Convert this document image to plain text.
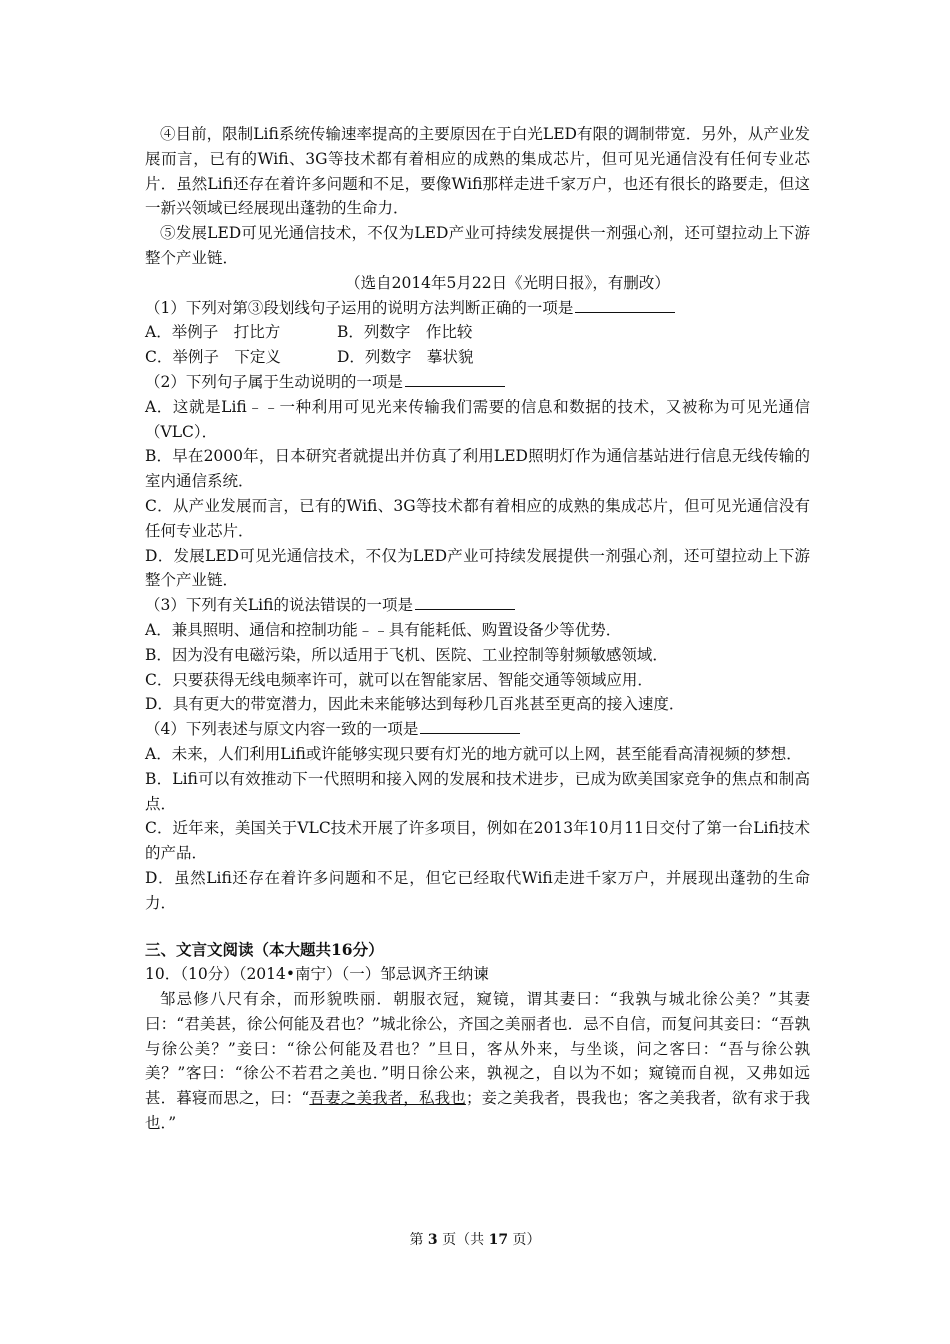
④目前，限制Lifi系统传输速率提高的主要原因在于白光LED有限的调制带宽．另外，从产业发展而言，已有的Wifi、3G等技术都有着相应的成熟的集成芯片，但可见光通信没有任何专业芯片．虽然Lifi还存在着许多问题和不足，要像Wifi那样走进千家万户，也还有很长的路要走，但这一新兴领域已经展现出蓬勃的生命力．

⑤发展LED可见光通信技术，不仅为LED产业可持续发展提供一剂强心剂，还可望拉动上下游整个产业链．

（选自2014年5月22日《光明日报》，有删改）

（1）下列对第③段划线句子运用的说明方法判断正确的一项是

A．举例子　打比方	B．列数字　作比较
C．举例子　下定义	D．列数字　摹状貌

（2）下列句子属于生动说明的一项是

A．这就是Lifi﹣﹣一种利用可见光来传输我们需要的信息和数据的技术，又被称为可见光通信（VLC）．

B．早在2000年，日本研究者就提出并仿真了利用LED照明灯作为通信基站进行信息无线传输的室内通信系统．

C．从产业发展而言，已有的Wifi、3G等技术都有着相应的成熟的集成芯片，但可见光通信没有任何专业芯片．

D．发展LED可见光通信技术，不仅为LED产业可持续发展提供一剂强心剂，还可望拉动上下游整个产业链．

（3）下列有关Lifi的说法错误的一项是

A．兼具照明、通信和控制功能﹣﹣具有能耗低、购置设备少等优势．

B．因为没有电磁污染，所以适用于飞机、医院、工业控制等射频敏感领域．

C．只要获得无线电频率许可，就可以在智能家居、智能交通等领域应用．

D．具有更大的带宽潜力，因此未来能够达到每秒几百兆甚至更高的接入速度．

（4）下列表述与原文内容一致的一项是

A．未来，人们利用Lifi或许能够实现只要有灯光的地方就可以上网，甚至能看高清视频的梦想．

B．Lifi可以有效推动下一代照明和接入网的发展和技术进步，已成为欧美国家竞争的焦点和制高点．

C．近年来，美国关于VLC技术开展了许多项目，例如在2013年10月11日交付了第一台Lifi技术的产品．

D．虽然Lifi还存在着许多问题和不足，但它已经取代Wifi走进千家万户，并展现出蓬勃的生命力．

三、文言文阅读（本大题共16分）

10．（10分）（2014•南宁）（一）邹忌讽齐王纳谏

邹忌修八尺有余，而形貌昳丽．朝服衣冠，窥镜，谓其妻曰：“我孰与城北徐公美？”其妻曰：“君美甚，徐公何能及君也？”城北徐公，齐国之美丽者也．忌不自信，而复问其妾曰：“吾孰与徐公美？”妾曰：“徐公何能及君也？”旦日，客从外来，与坐谈，问之客曰：“吾与徐公孰美？”客曰：“徐公不若君之美也．”明日徐公来，孰视之，自以为不如；窥镜而自视，又弗如远甚．暮寝而思之，曰：“吾妻之美我者，私我也；妾之美我者，畏我也；客之美我者，欲有求于我也．”

第 3 页（共 17 页）
